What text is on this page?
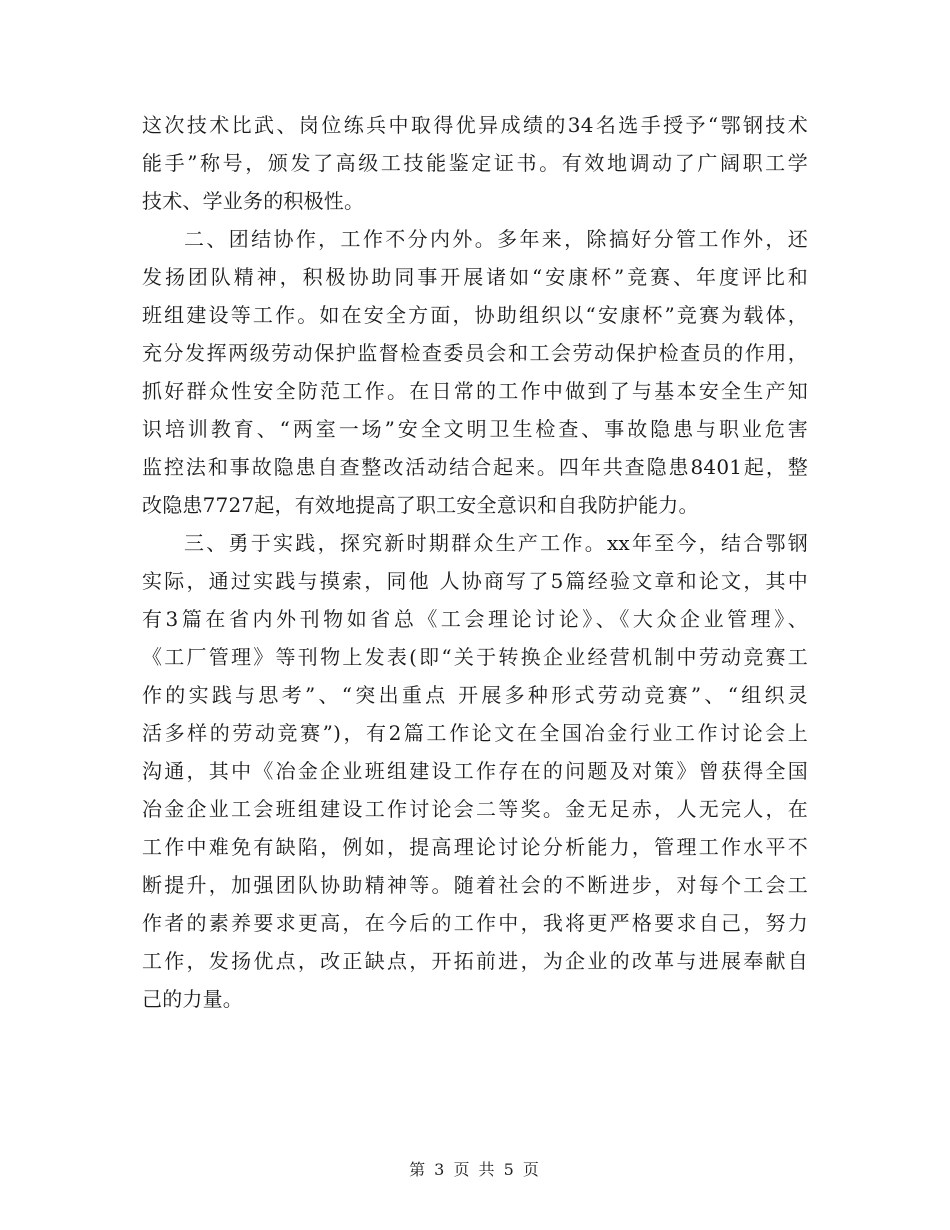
这次技术比武、岗位练兵中取得优异成绩的34名选手授予“鄂钢技术
能手”称号，颁发了高级工技能鉴定证书。有效地调动了广阔职工学
技术、学业务的积极性。
二、团结协作，工作不分内外。多年来，除搞好分管工作外，还
发扬团队精神，积极协助同事开展诸如“安康杯”竞赛、年度评比和
班组建设等工作。如在安全方面，协助组织以“安康杯”竞赛为载体，
充分发挥两级劳动保护监督检查委员会和工会劳动保护检查员的作用，
抓好群众性安全防范工作。在日常的工作中做到了与基本安全生产知
识培训教育、“两室一场”安全文明卫生检查、事故隐患与职业危害
监控法和事故隐患自查整改活动结合起来。四年共查隐患8401起，整
改隐患7727起，有效地提高了职工安全意识和自我防护能力。
三、勇于实践，探究新时期群众生产工作。xx年至今，结合鄂钢
实际，通过实践与摸索，同他 人协商写了5篇经验文章和论文，其中
有3篇在省内外刊物如省总《工会理论讨论》、《大众企业管理》、
《工厂管理》等刊物上发表(即“关于转换企业经营机制中劳动竞赛工
作的实践与思考”、“突出重点 开展多种形式劳动竞赛”、“组织灵
活多样的劳动竞赛”)，有2篇工作论文在全国冶金行业工作讨论会上
沟通，其中《冶金企业班组建设工作存在的问题及对策》曾获得全国
冶金企业工会班组建设工作讨论会二等奖。金无足赤，人无完人，在
工作中难免有缺陷，例如，提高理论讨论分析能力，管理工作水平不
断提升，加强团队协助精神等。随着社会的不断进步，对每个工会工
作者的素养要求更高，在今后的工作中，我将更严格要求自己，努力
工作，发扬优点，改正缺点，开拓前进，为企业的改革与进展奉献自
己的力量。
第 3 页 共 5 页
